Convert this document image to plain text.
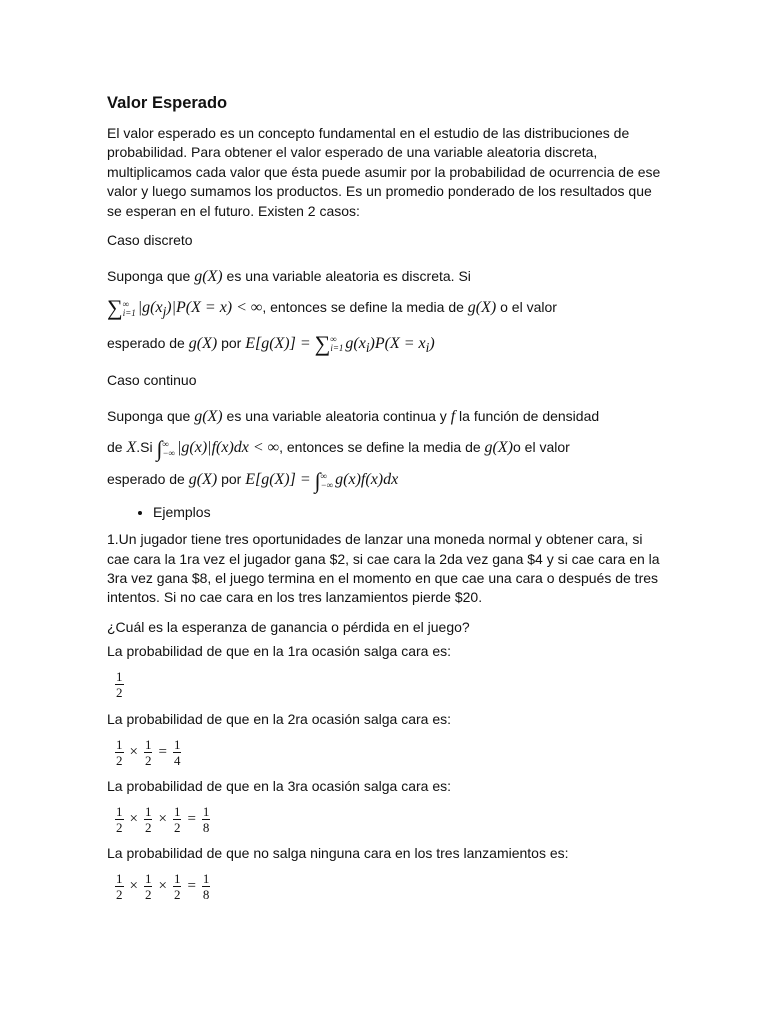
Valor Esperado

El valor esperado es un concepto fundamental en el estudio de las distribuciones de probabilidad. Para obtener el valor esperado de una variable aleatoria discreta, multiplicamos cada valor que ésta puede asumir por la probabilidad de ocurrencia de ese valor y luego sumamos los productos. Es un promedio ponderado de los resultados que se esperan en el futuro. Existen 2 casos:

Caso discreto

Suponga que g(X) es una variable aleatoria es discreta. Si
∑ ∞
i=1 $|g(x_j)|P(X = x)$ < ∞, entonces se define la media de g(X) o el valor
esperado de g(X) por E[g(X)] = ∑ ∞
i=1 $g(x_i)P(X = x_i)$

Caso continuo

Suponga que g(X) es una variable aleatoria continua y f la función de densidad
de X.Si ∫ ∞
−∞ |g(x)|f(x)dx < ∞, entonces se define la media de g(X)o el valor
esperado de g(X) por E[g(X)] = ∫ ∞
−∞ g(x)f(x)dx

• Ejemplos

1.Un jugador tiene tres oportunidades de lanzar una moneda normal y obtener cara, si cae cara la 1ra vez el jugador gana $2, si cae cara la 2da vez gana $4 y si cae cara en la 3ra vez gana $8, el juego termina en el momento en que cae una cara o después de tres intentos. Si no cae cara en los tres lanzamientos pierde $20.

¿Cuál es la esperanza de ganancia o pérdida en el juego?

La probabilidad de que en la 1ra ocasión salga cara es:

$\frac{1}{2}$

La probabilidad de que en la 2ra ocasión salga cara es:

$\frac{1}{2} \times \frac{1}{2} = \frac{1}{4}$

La probabilidad de que en la 3ra ocasión salga cara es:

$\frac{1}{2} \times \frac{1}{2} \times \frac{1}{2} = \frac{1}{8}$

La probabilidad de que no salga ninguna cara en los tres lanzamientos es:

$\frac{1}{2} \times \frac{1}{2} \times \frac{1}{2} = \frac{1}{8}$
